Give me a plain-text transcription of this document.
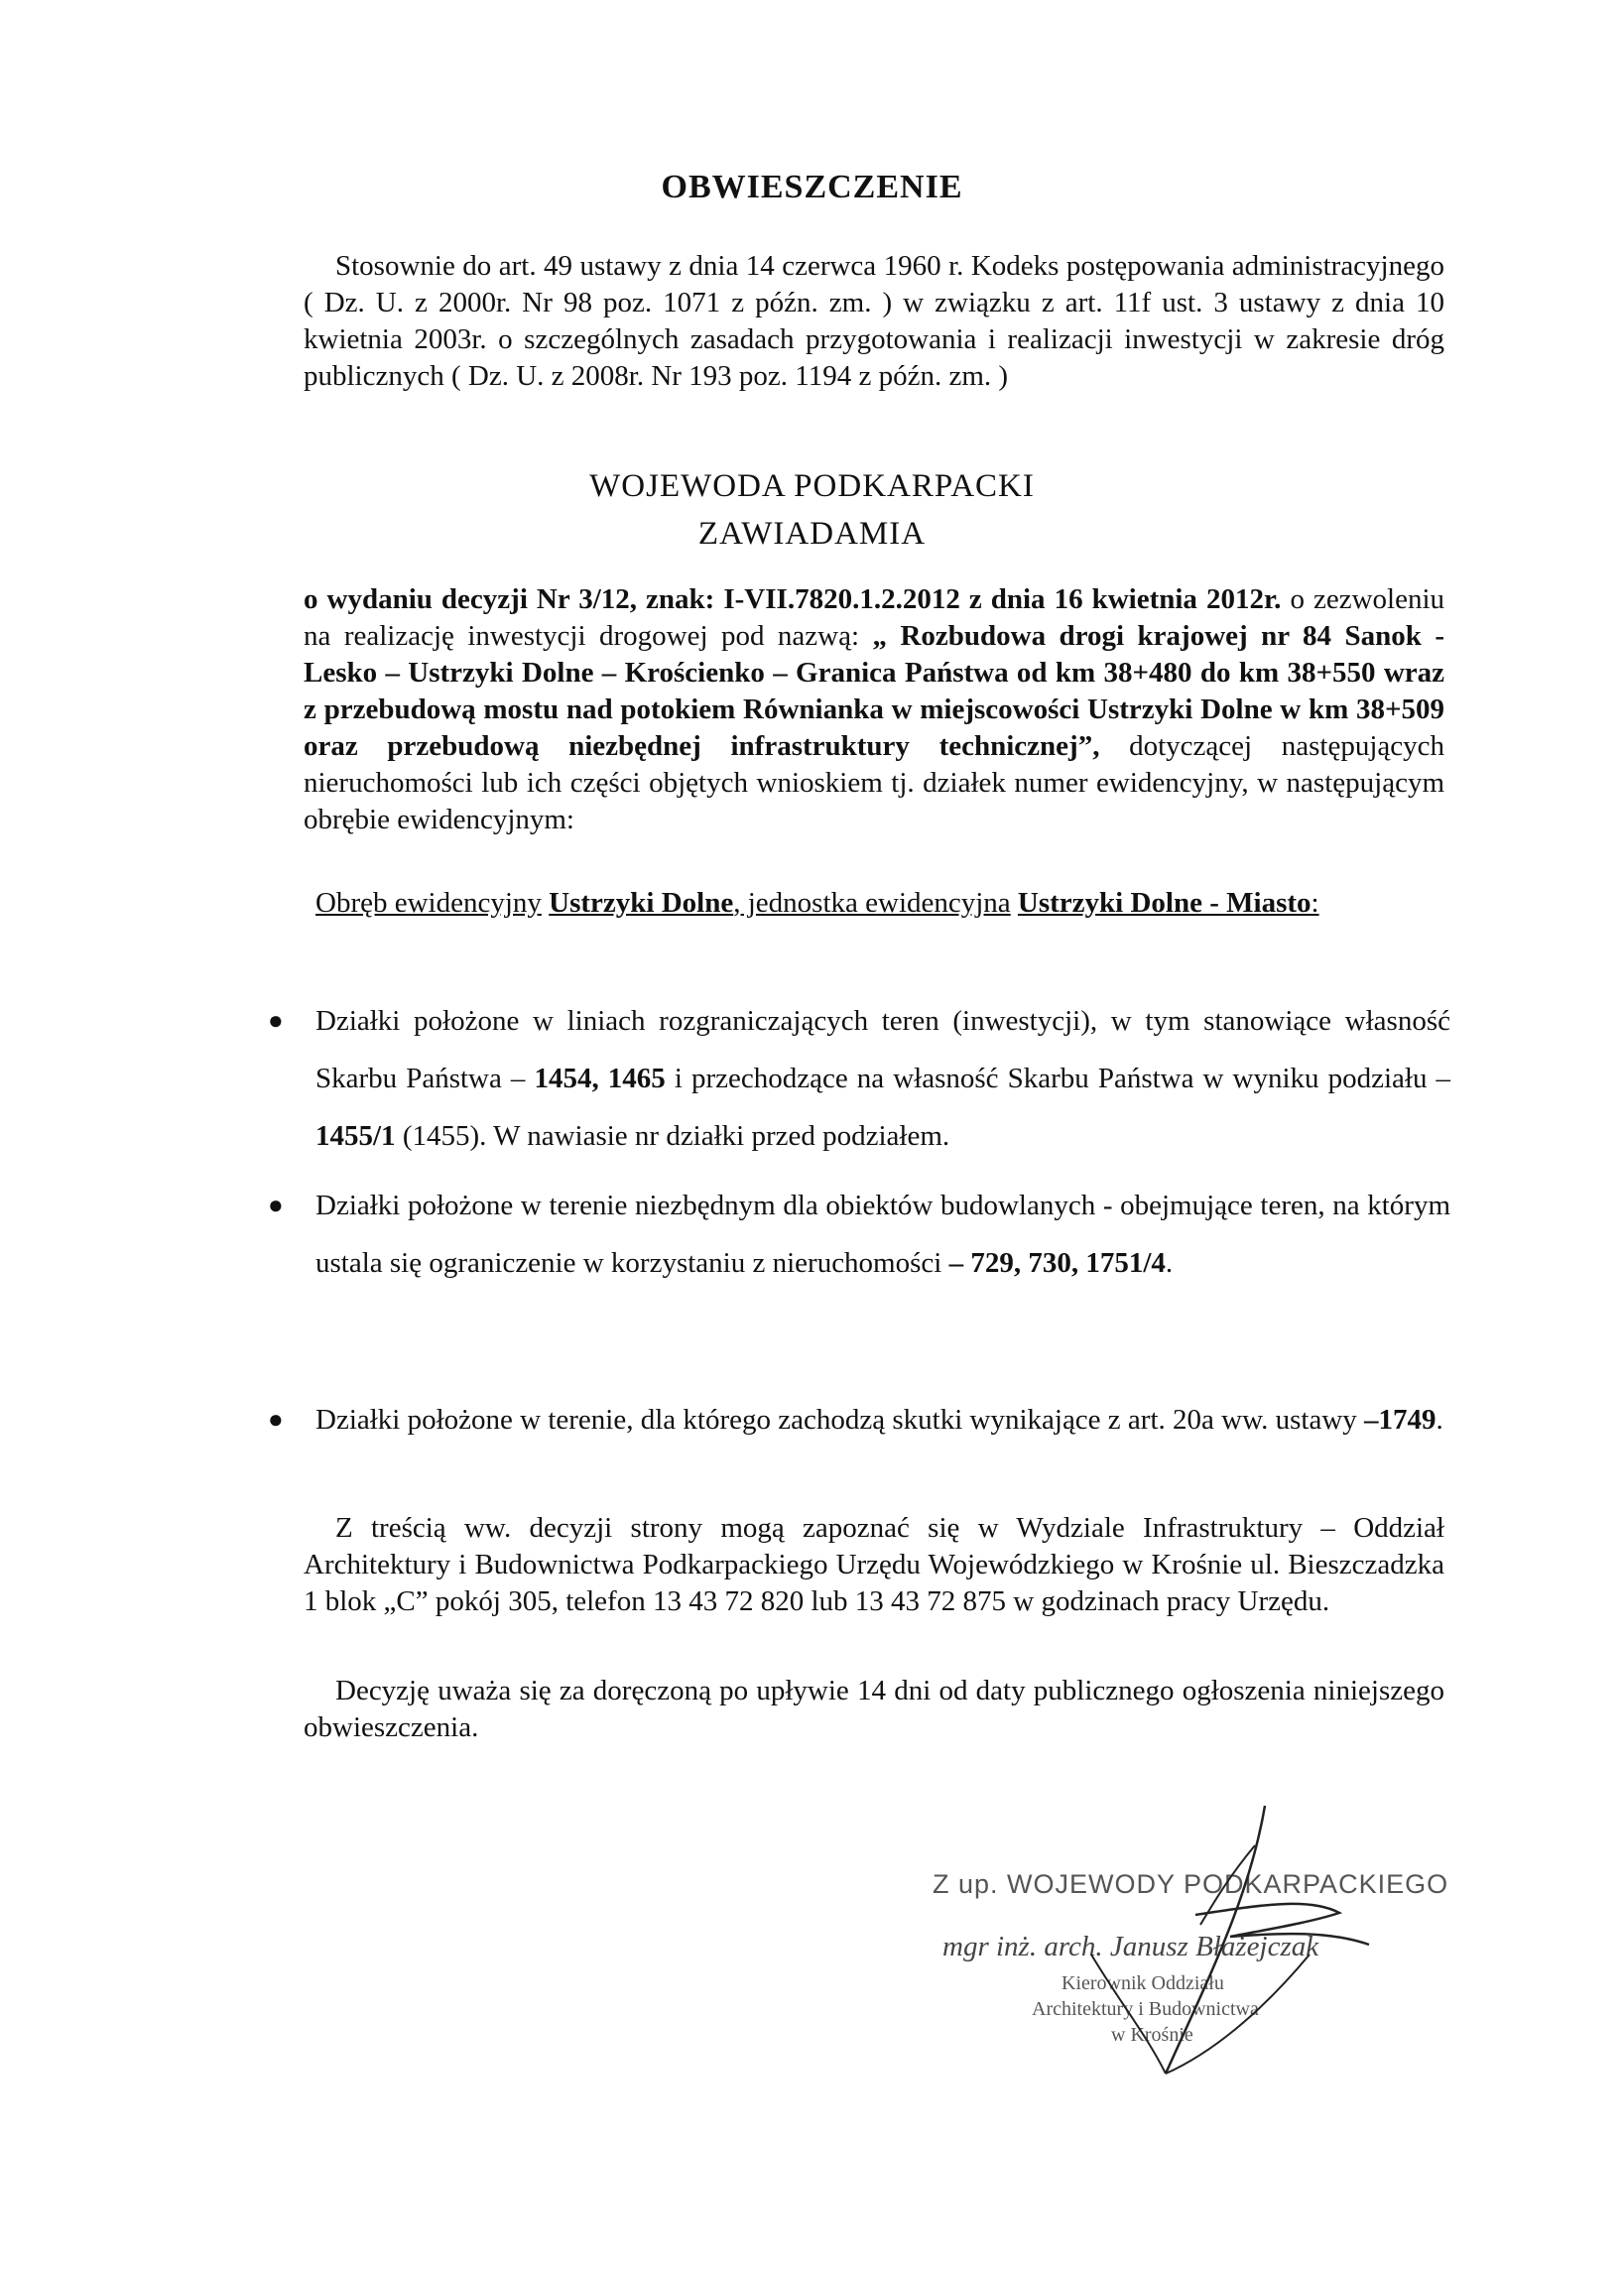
OBWIESZCZENIE
Stosownie do art. 49 ustawy z dnia 14 czerwca 1960 r. Kodeks postępowania administracyjnego ( Dz. U. z 2000r. Nr 98 poz. 1071 z późn. zm. ) w związku z art. 11f ust. 3 ustawy z dnia 10 kwietnia 2003r. o szczególnych zasadach przygotowania i realizacji inwestycji w zakresie dróg publicznych ( Dz. U. z 2008r. Nr 193 poz. 1194 z późn. zm. )
WOJEWODA PODKARPACKI
ZAWIADAMIA
o wydaniu decyzji Nr 3/12, znak: I-VII.7820.1.2.2012 z dnia 16 kwietnia 2012r. o zezwoleniu na realizację inwestycji drogowej pod nazwą: „ Rozbudowa drogi krajowej nr 84 Sanok - Lesko – Ustrzyki Dolne – Krościenko – Granica Państwa od km 38+480 do km 38+550 wraz z przebudową mostu nad potokiem Równianka w miejscowości Ustrzyki Dolne w km 38+509 oraz przebudową niezbędnej infrastruktury technicznej”, dotyczącej następujących nieruchomości lub ich części objętych wnioskiem tj. działek numer ewidencyjny, w następującym obrębie ewidencyjnym:
Obręb ewidencyjny Ustrzyki Dolne, jednostka ewidencyjna Ustrzyki Dolne - Miasto:
● Działki położone w liniach rozgraniczających teren (inwestycji), w tym stanowiące własność Skarbu Państwa – 1454, 1465 i przechodzące na własność Skarbu Państwa w wyniku podziału – 1455/1 (1455). W nawiasie nr działki przed podziałem.
● Działki położone w terenie niezbędnym dla obiektów budowlanych - obejmujące teren, na którym ustala się ograniczenie w korzystaniu z nieruchomości – 729, 730, 1751/4.
● Działki położone w terenie, dla którego zachodzą skutki wynikające z art. 20a ww. ustawy –1749.
Z treścią ww. decyzji strony mogą zapoznać się w Wydziale Infrastruktury – Oddział Architektury i Budownictwa Podkarpackiego Urzędu Wojewódzkiego w Krośnie ul. Bieszczadzka 1 blok „C” pokój 305, telefon 13 43 72 820 lub 13 43 72 875 w godzinach pracy Urzędu.
Decyzję uważa się za doręczoną po upływie 14 dni od daty publicznego ogłoszenia niniejszego obwieszczenia.
Z up. WOJEWODY PODKARPACKIEGO
mgr inż. arch. Janusz Błażejczak
Kierownik Oddziału
Architektury i Budownictwa
w Krośnie
